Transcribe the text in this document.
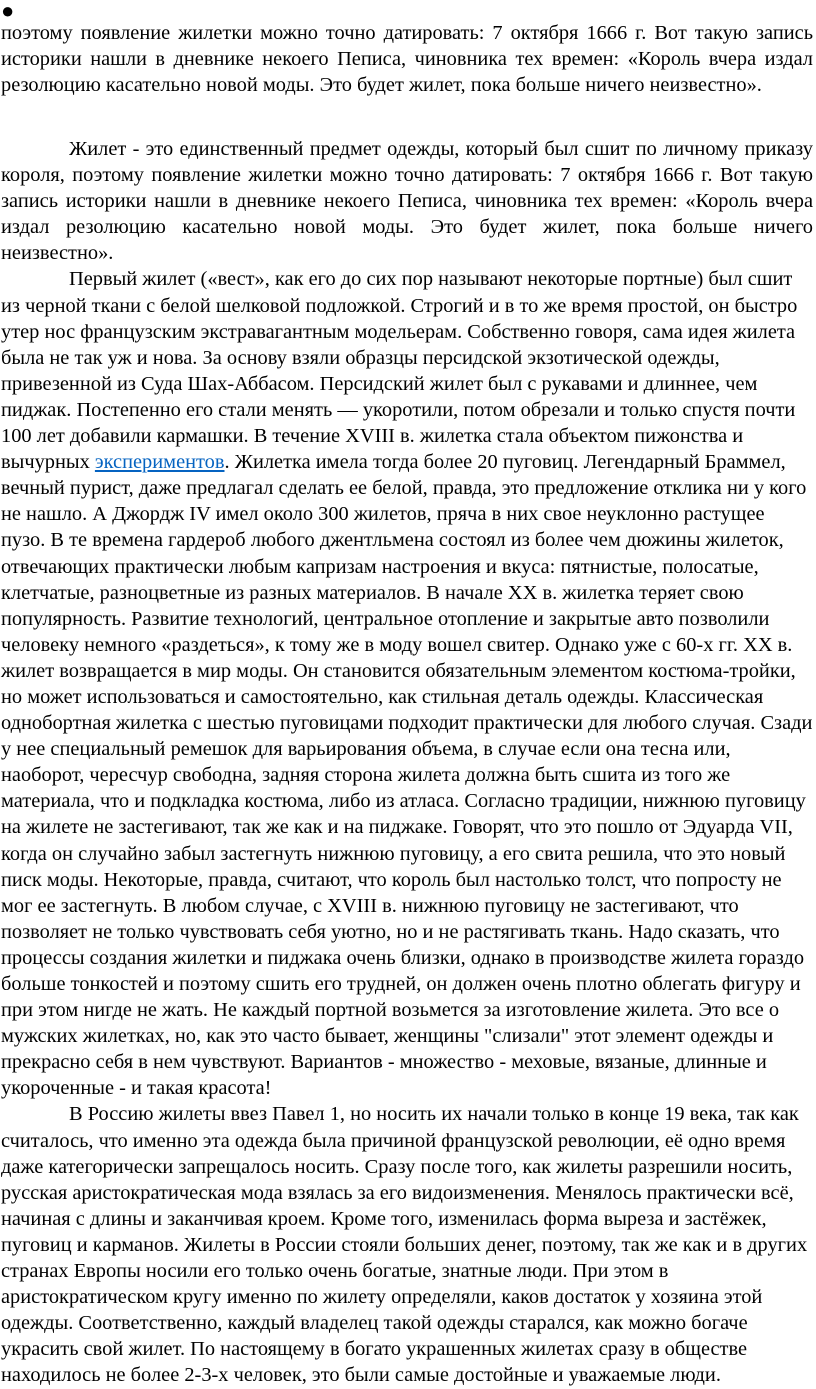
●

поэтому появление жилетки можно точно датировать: 7 октября 1666 г. Вот такую запись историки нашли в дневнике некоего Пеписа, чиновника тех времен: «Король вчера издал резолюцию касательно новой моды. Это будет жилет, пока больше ничего неизвестно».

Жилет - это единственный предмет одежды, который был сшит по личному приказу короля, поэтому появление жилетки можно точно датировать: 7 октября 1666 г. Вот такую запись историки нашли в дневнике некоего Пеписа, чиновника тех времен: «Король вчера издал резолюцию касательно новой моды. Это будет жилет, пока больше ничего неизвестно».

Первый жилет («вест», как его до сих пор называют некоторые портные) был сшит из черной ткани с белой шелковой подложкой. Строгий и в то же время простой, он быстро утер нос французским экстравагантным модельерам. Собственно говоря, сама идея жилета была не так уж и нова. За основу взяли образцы персидской экзотической одежды, привезенной из Суда Шах-Аббасом. Персидский жилет был с рукавами и длиннее, чем пиджак. Постепенно его стали менять — укоротили, потом обрезали и только спустя почти 100 лет добавили кармашки. В течение XVIII в. жилетка стала объектом пижонства и вычурных экспериментов. Жилетка имела тогда более 20 пуговиц. Легендарный Браммел, вечный пурист, даже предлагал сделать ее белой, правда, это предложение отклика ни у кого не нашло. А Джордж IV имел около 300 жилетов, пряча в них свое неуклонно растущее пузо. В те времена гардероб любого джентльмена состоял из более чем дюжины жилеток, отвечающих практически любым капризам настроения и вкуса: пятнистые, полосатые, клетчатые, разноцветные из разных материалов. В начале XX в. жилетка теряет свою популярность. Развитие технологий, центральное отопление и закрытые авто позволили человеку немного «раздеться», к тому же в моду вошел свитер. Однако уже с 60-х гг. XX в. жилет возвращается в мир моды. Он становится обязательным элементом костюма-тройки, но может использоваться и самостоятельно, как стильная деталь одежды. Классическая однобортная жилетка с шестью пуговицами подходит практически для любого случая. Сзади у нее специальный ремешок для варьирования объема, в случае если она тесна или, наоборот, чересчур свободна, задняя сторона жилета должна быть сшита из того же материала, что и подкладка костюма, либо из атласа. Согласно традиции, нижнюю пуговицу на жилете не застегивают, так же как и на пиджаке. Говорят, что это пошло от Эдуарда VII, когда он случайно забыл застегнуть нижнюю пуговицу, а его свита решила, что это новый писк моды. Некоторые, правда, считают, что король был настолько толст, что попросту не мог ее застегнуть. В любом случае, с XVIII в. нижнюю пуговицу не застегивают, что позволяет не только чувствовать себя уютно, но и не растягивать ткань. Надо сказать, что процессы создания жилетки и пиджака очень близки, однако в производстве жилета гораздо больше тонкостей и поэтому сшить его трудней, он должен очень плотно облегать фигуру и при этом нигде не жать. Не каждый портной возьмется за изготовление жилета. Это все о мужских жилетках, но, как это часто бывает, женщины "слизали" этот элемент одежды и прекрасно себя в нем чувствуют. Вариантов - множество - меховые, вязаные, длинные и укороченные - и такая красота!

В Россию жилеты ввез Павел 1, но носить их начали только в конце 19 века, так как считалось, что именно эта одежда была причиной французской революции, её одно время даже категорически запрещалось носить. Сразу после того, как жилеты разрешили носить, русская аристократическая мода взялась за его видоизменения. Менялось практически всё, начиная с длины и заканчивая кроем. Кроме того, изменилась форма выреза и застёжек, пуговиц и карманов. Жилеты в России стояли больших денег, поэтому, так же как и в других странах Европы носили его только очень богатые, знатные люди. При этом в аристократическом кругу именно по жилету определяли, каков достаток у хозяина этой одежды. Соответственно, каждый владелец такой одежды старался, как можно богаче украсить свой жилет. По настоящему в богато украшенных жилетах сразу в обществе находилось не более 2-3-х человек, это были самые достойные и уважаемые люди.
